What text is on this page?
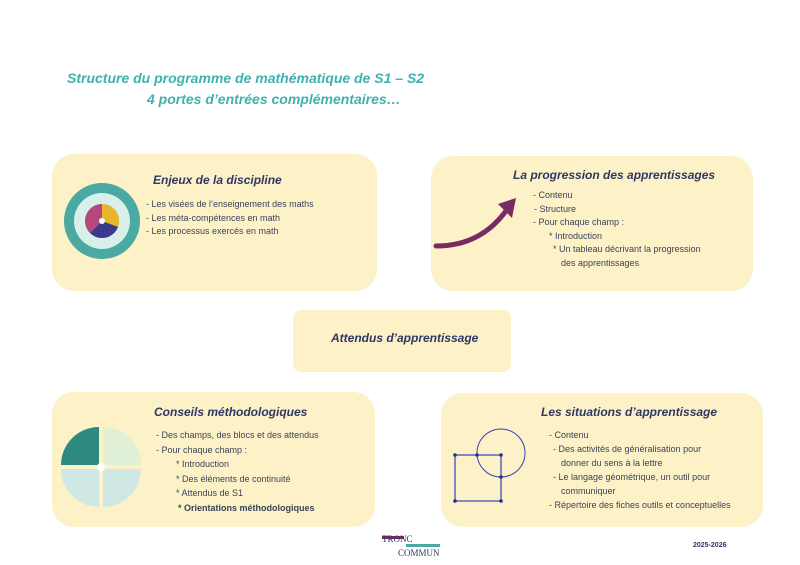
Structure du programme de mathématique de S1 – S2
4 portes d’entrées complémentaires…
Enjeux de la discipline
- Les visées de l’enseignement des maths
- Les méta-compétences en math
- Les processus exercés en math
La progression des apprentissages
- Contenu
- Structure
- Pour chaque champ :
* Introduction
* Un tableau décrivant la progression
des apprentissages
Attendus d’apprentissage
Conseils méthodologiques
- Des champs, des blocs et des attendus
- Pour chaque champ :
* Introduction
* Des éléments de continuité
* Attendus de S1
* Orientations méthodologiques
Les situations d’apprentissage
- Contenu
- Des activités de généralisation pour
donner du sens à la lettre
- Le langage géométrique, un outil pour
communiquer
- Répertoire des fiches outils et conceptuelles
TRONC
COMMUN
2025-2026
